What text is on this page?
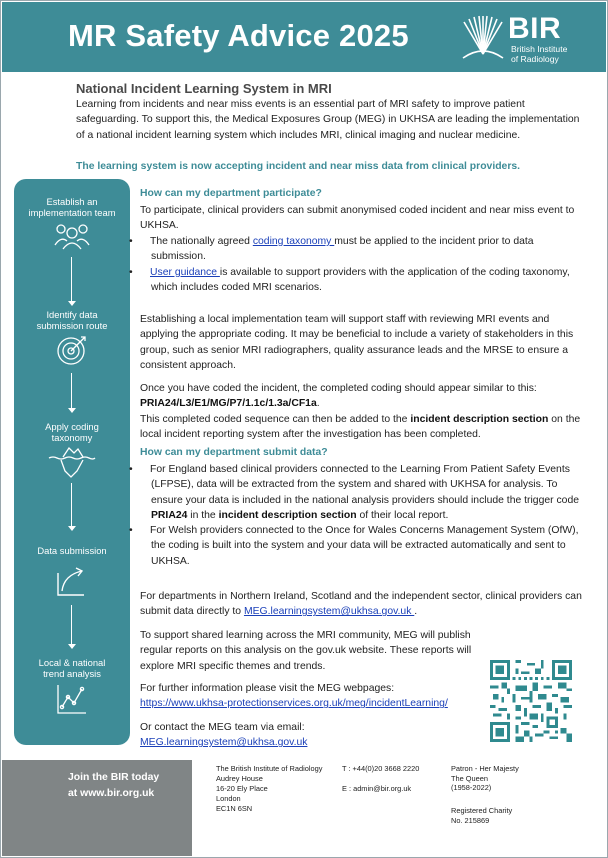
MR Safety Advice 2025	BIR
British Institute
of Radiology
National Incident Learning System in MRI
Learning from incidents and near miss events is an essential part of MRI safety to improve patient safeguarding. To support this, the Medical Exposures Group (MEG) in UKHSA are leading the implementation of a national incident learning system which includes MRI, clinical imaging and nuclear medicine.
The learning system is now accepting incident and near miss data from clinical providers.
Establish an
implementation team
Identify data
submission route
Apply coding
taxonomy
Data submission
Local & national
trend analysis
How can my department participate?
To participate, clinical providers can submit anonymised coded incident and near miss event to UKHSA.
• The nationally agreed coding taxonomy must be applied to the incident prior to data submission.
• User guidance is available to support providers with the application of the coding taxonomy, which includes coded MRI scenarios.
Establishing a local implementation team will support staff with reviewing MRI events and applying the appropriate coding. It may be beneficial to include a variety of stakeholders in this group, such as senior MRI radiographers, quality assurance leads and the MRSE to ensure a consistent approach.
Once you have coded the incident, the completed coding should appear similar to this:
PRIA24/L3/E1/MG/P7/1.1c/1.3a/CF1a.
This completed coded sequence can then be added to the incident description section on the local incident reporting system after the investigation has been completed.
How can my department submit data?
• For England based clinical providers connected to the Learning From Patient Safety Events (LFPSE), data will be extracted from the system and shared with UKHSA for analysis. To ensure your data is included in the national analysis providers should include the trigger code PRIA24 in the incident description section of their local report.
• For Welsh providers connected to the Once for Wales Concerns Management System (OfW), the coding is built into the system and your data will be extracted automatically and sent to UKHSA.
For departments in Northern Ireland, Scotland and the independent sector, clinical providers can submit data directly to MEG.learningsystem@ukhsa.gov.uk .
To support shared learning across the MRI community, MEG will publish regular reports on this analysis on the gov.uk website. These reports will explore MRI specific themes and trends.
For further information please visit the MEG webpages:
https://www.ukhsa-protectionservices.org.uk/meg/incidentLearning/
Or contact the MEG team via email:
MEG.learningsystem@ukhsa.gov.uk
Join the BIR today
at www.bir.org.uk
The British Institute of Radiology
Audrey House
16-20 Ely Place
London
EC1N 6SN
T : +44(0)20 3668 2220
E : admin@bir.org.uk
Patron - Her Majesty
The Queen
(1958-2022)
Registered Charity
No. 215869
